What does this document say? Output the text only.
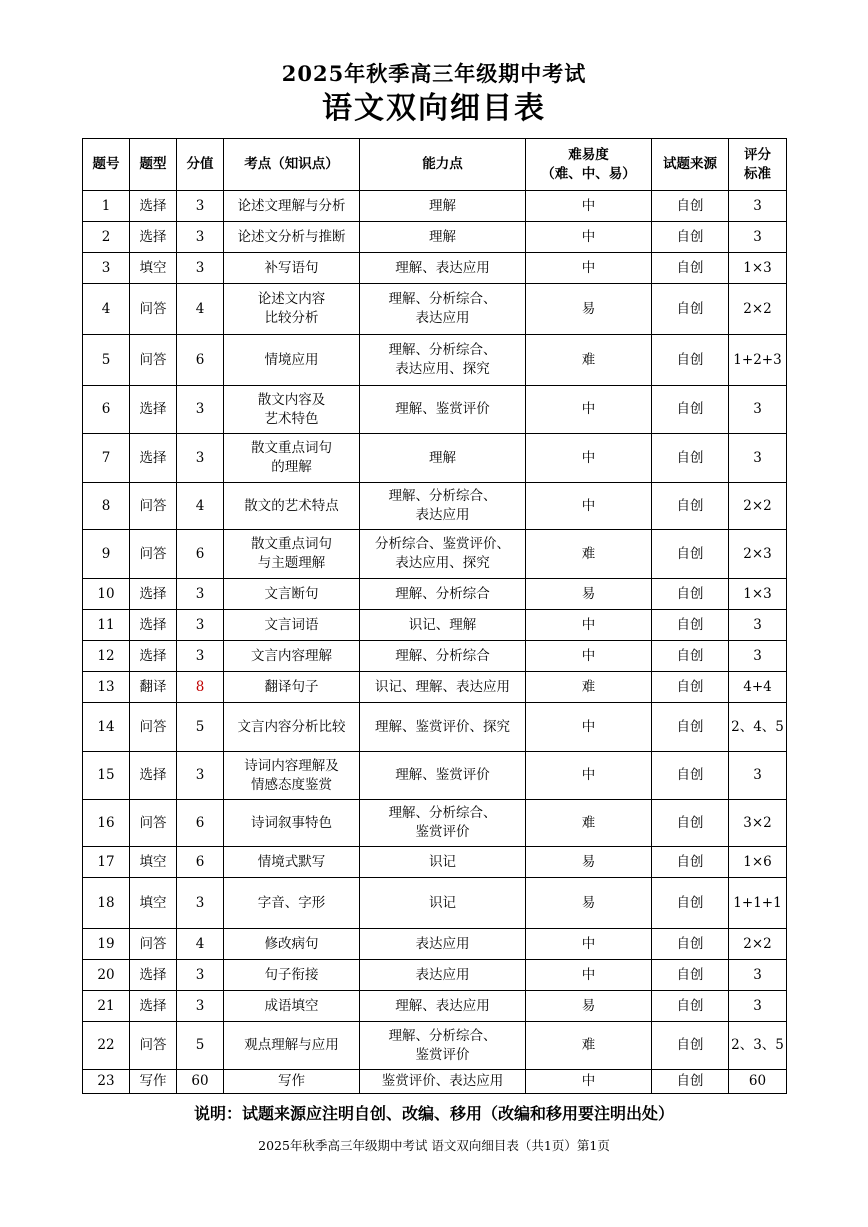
2025年秋季高三年级期中考试
语文双向细目表
题号	题型	分值	考点（知识点）	能力点	难易度
（难、中、易）	试题来源	评分
标准

1	选择	3	论述文理解与分析	理解	中	自创	3
2	选择	3	论述文分析与推断	理解	中	自创	3
3	填空	3	补写语句	理解、表达应用	中	自创	1×3
4	问答	4	论述文内容
比较分析	理解、分析综合、
表达应用	易	自创	2×2
5	问答	6	情境应用	理解、分析综合、
表达应用、探究	难	自创	1+2+3
6	选择	3	散文内容及
艺术特色	理解、鉴赏评价	中	自创	3
7	选择	3	散文重点词句
的理解	理解	中	自创	3
8	问答	4	散文的艺术特点	理解、分析综合、
表达应用	中	自创	2×2
9	问答	6	散文重点词句
与主题理解	分析综合、鉴赏评价、
表达应用、探究	难	自创	2×3
10	选择	3	文言断句	理解、分析综合	易	自创	1×3
11	选择	3	文言词语	识记、理解	中	自创	3
12	选择	3	文言内容理解	理解、分析综合	中	自创	3
13	翻译	8	翻译句子	识记、理解、表达应用	难	自创	4+4
14	问答	5	文言内容分析比较	理解、鉴赏评价、探究	中	自创	2、4、5
15	选择	3	诗词内容理解及
情感态度鉴赏	理解、鉴赏评价	中	自创	3
16	问答	6	诗词叙事特色	理解、分析综合、
鉴赏评价	难	自创	3×2
17	填空	6	情境式默写	识记	易	自创	1×6
18	填空	3	字音、字形	识记	易	自创	1+1+1
19	问答	4	修改病句	表达应用	中	自创	2×2
20	选择	3	句子衔接	表达应用	中	自创	3
21	选择	3	成语填空	理解、表达应用	易	自创	3
22	问答	5	观点理解与应用	理解、分析综合、
鉴赏评价	难	自创	2、3、5
23	写作	60	写作	鉴赏评价、表达应用	中	自创	60
说明：试题来源应注明自创、改编、移用（改编和移用要注明出处）
2025年秋季高三年级期中考试 语文双向细目表（共1页）第1页
